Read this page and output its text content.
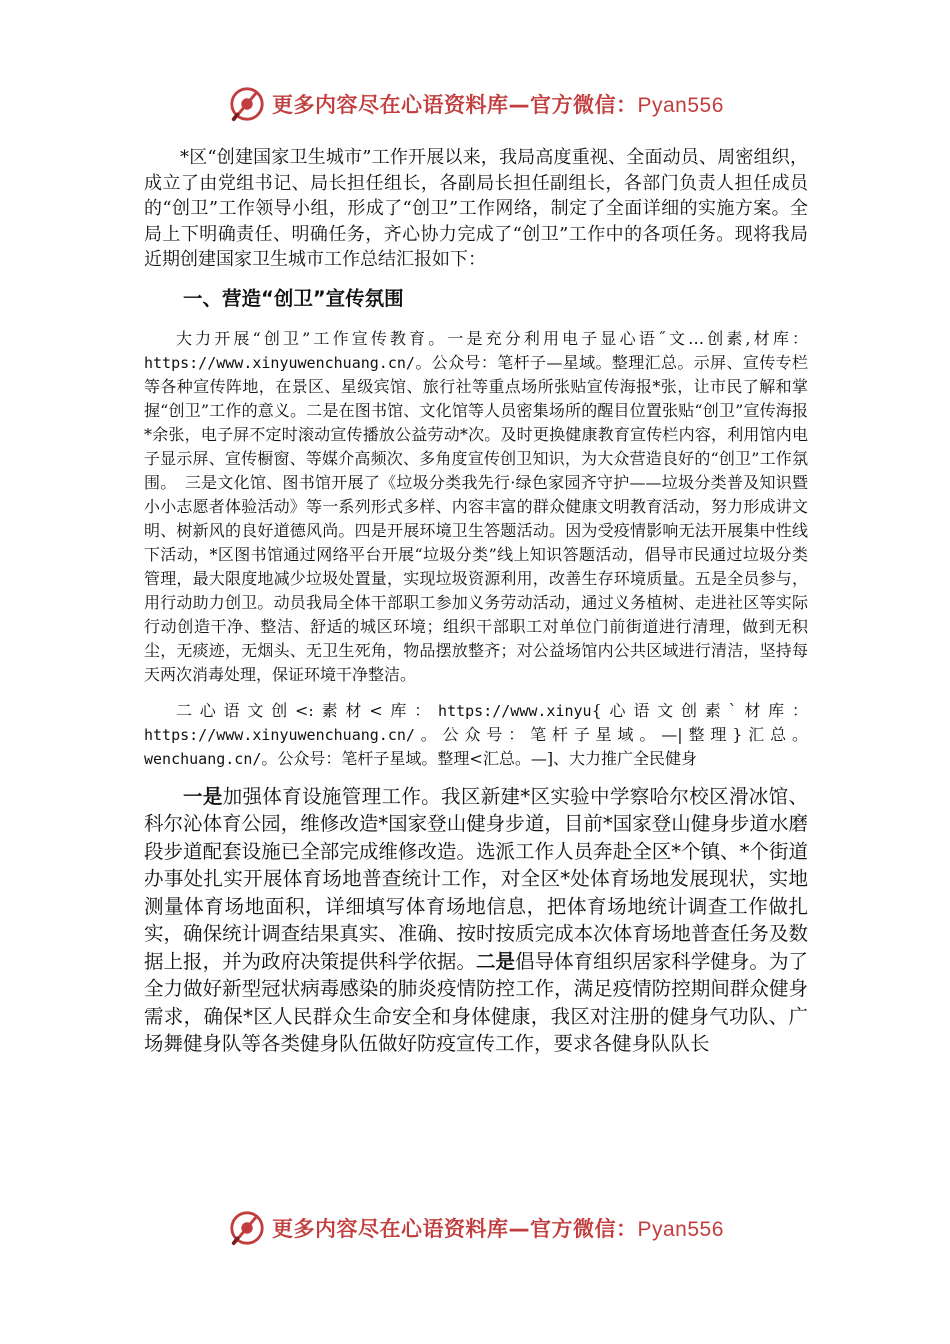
更多内容尽在心语资料库—官方微信：Pyan556

*区“创建国家卫生城市”工作开展以来，我局高度重视、全面动员、周密组织，成立了由党组书记、局长担任组长，各副局长担任副组长，各部门负责人担任成员的“创卫”工作领导小组，形成了“创卫”工作网络，制定了全面详细的实施方案。全局上下明确责任、明确任务，齐心协力完成了“创卫”工作中的各项任务。现将我局近期创建国家卫生城市工作总结汇报如下：

一、营造“创卫”宣传氛围

大力开展“创卫”工作宣传教育。一是充分利用电子显心语˝文…创素,材库：https://www.xinyuwenchuang.cn/。公众号：笔杆子—星域。整理汇总。示屏、宣传专栏等各种宣传阵地，在景区、星级宾馆、旅行社等重点场所张贴宣传海报*张，让市民了解和掌握“创卫”工作的意义。二是在图书馆、文化馆等人员密集场所的醒目位置张贴“创卫”宣传海报*余张，电子屏不定时滚动宣传播放公益劳动*次。及时更换健康教育宣传栏内容，利用馆内电子显示屏、宣传橱窗、等媒介高频次、多角度宣传创卫知识，为大众营造良好的“创卫”工作氛围。　三是文化馆、图书馆开展了《垃圾分类我先行·绿色家园齐守护——垃圾分类普及知识暨小小志愿者体验活动》等一系列形式多样、内容丰富的群众健康文明教育活动，努力形成讲文明、树新风的良好道德风尚。四是开展环境卫生答题活动。因为受疫情影响无法开展集中性线下活动，*区图书馆通过网络平台开展“垃圾分类”线上知识答题活动，倡导市民通过垃圾分类管理，最大限度地减少垃圾处置量，实现垃圾资源利用，改善生存环境质量。五是全员参与，用行动助力创卫。动员我局全体干部职工参加义务劳动活动，通过义务植树、走进社区等实际行动创造干净、整洁、舒适的城区环境；组织干部职工对单位门前街道进行清理，做到无积尘，无痰迹，无烟头、无卫生死角，物品摆放整齐；对公益场馆内公共区域进行清洁，坚持每天两次消毒处理，保证环境干净整洁。

二心语文创<:素材<库：https://www.xinyu{心语文创素`材库：https://www.xinyuwenchuang.cn/。公众号：笔杆子星域。—|整理}汇总。wenchuang.cn/。公众号：笔杆子星域。整理<汇总。—]、大力推广全民健身

一是加强体育设施管理工作。我区新建*区实验中学察哈尔校区滑冰馆、科尔沁体育公园，维修改造*国家登山健身步道，目前*国家登山健身步道水磨段步道配套设施已全部完成维修改造。选派工作人员奔赴全区*个镇、*个街道办事处扎实开展体育场地普查统计工作，对全区*处体育场地发展现状，实地测量体育场地面积，详细填写体育场地信息，把体育场地统计调查工作做扎实，确保统计调查结果真实、准确、按时按质完成本次体育场地普查任务及数据上报，并为政府决策提供科学依据。二是倡导体育组织居家科学健身。为了全力做好新型冠状病毒感染的肺炎疫情防控工作，满足疫情防控期间群众健身需求，确保*区人民群众生命安全和身体健康，我区对注册的健身气功队、广场舞健身队等各类健身队伍做好防疫宣传工作，要求各健身队队长

更多内容尽在心语资料库—官方微信：Pyan556
